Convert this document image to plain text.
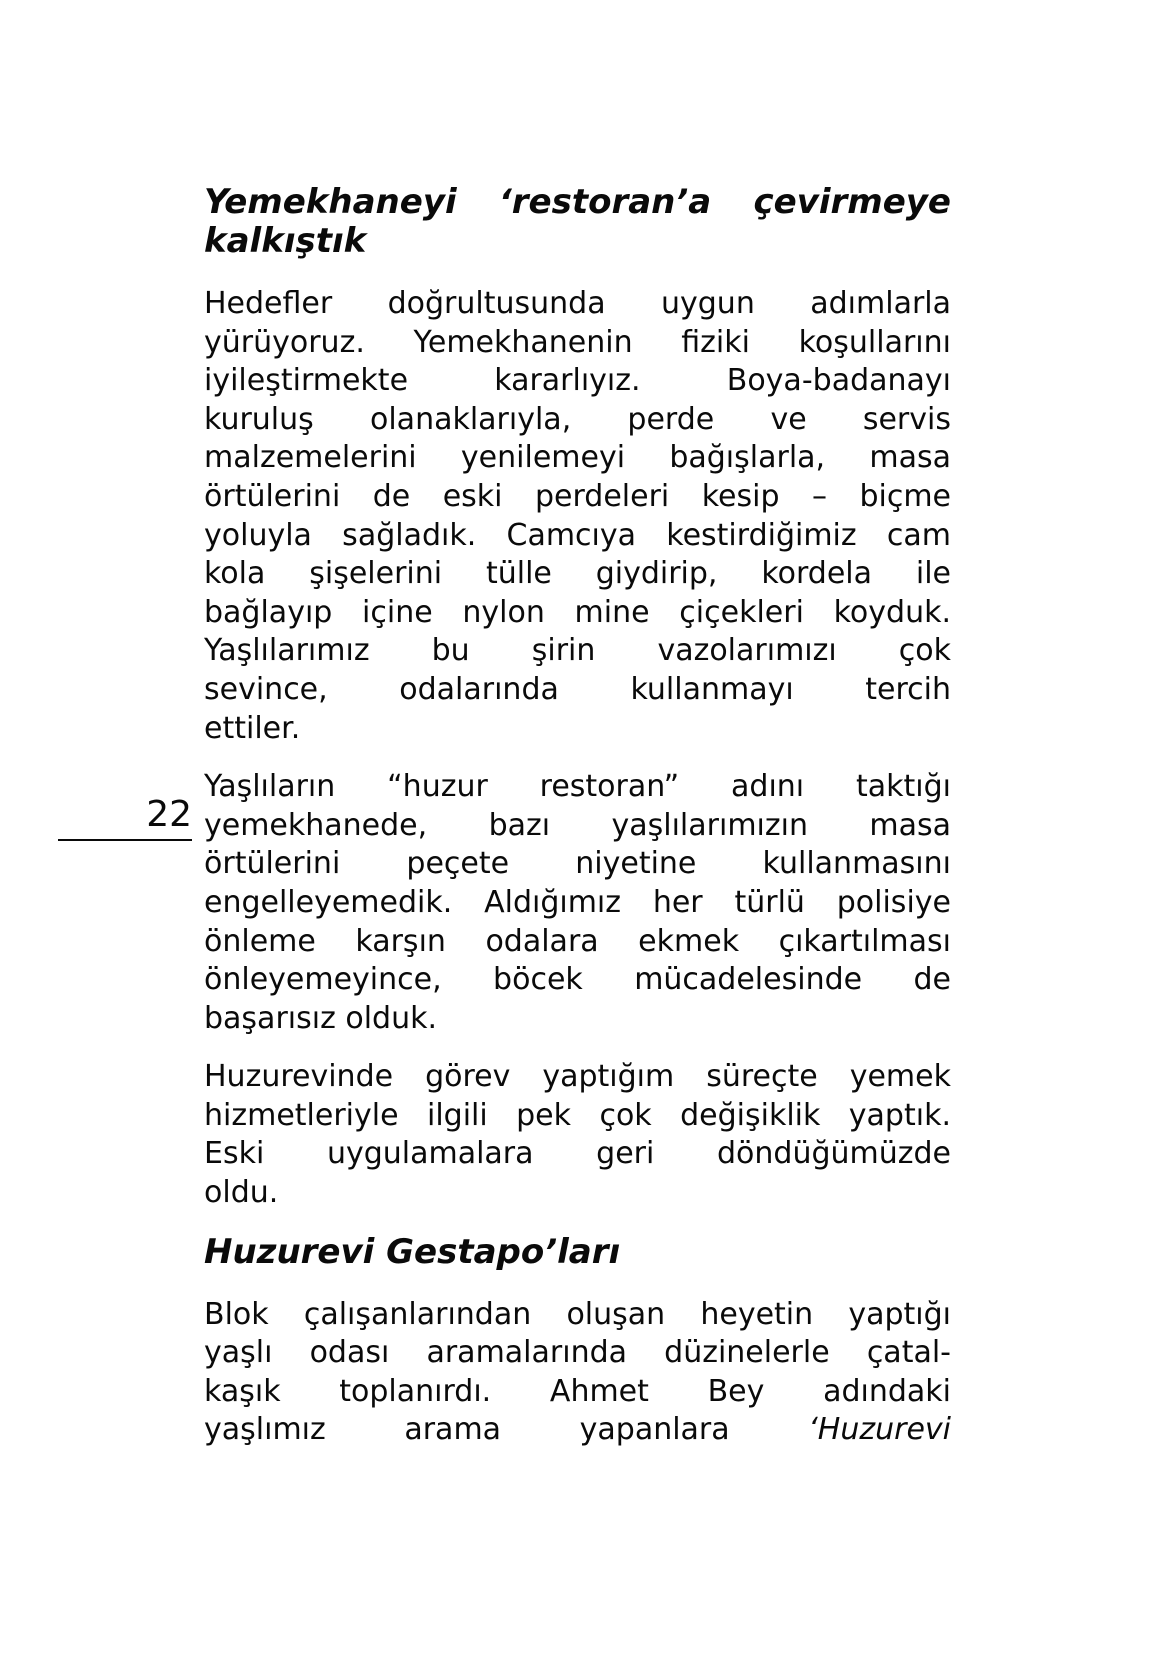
22
Yemekhaneyi ‘restoran’a çevirmeye
kalkıştık
Hedefler doğrultusunda uygun adımlarla
yürüyoruz. Yemekhanenin fiziki koşullarını
iyileştirmekte kararlıyız. Boya-badanayı
kuruluş olanaklarıyla, perde ve servis
malzemelerini yenilemeyi bağışlarla, masa
örtülerini de eski perdeleri kesip – biçme
yoluyla sağladık. Camcıya kestirdiğimiz cam
kola şişelerini tülle giydirip, kordela ile
bağlayıp içine nylon mine çiçekleri koyduk.
Yaşlılarımız bu şirin vazolarımızı çok
sevince, odalarında kullanmayı tercih
ettiler.
Yaşlıların “huzur restoran” adını taktığı
yemekhanede, bazı yaşlılarımızın masa
örtülerini peçete niyetine kullanmasını
engelleyemedik. Aldığımız her türlü polisiye
önleme karşın odalara ekmek çıkartılması
önleyemeyince, böcek mücadelesinde de
başarısız olduk.
Huzurevinde görev yaptığım süreçte yemek
hizmetleriyle ilgili pek çok değişiklik yaptık.
Eski uygulamalara geri döndüğümüzde
oldu.
Huzurevi Gestapo’ları
Blok çalışanlarından oluşan heyetin yaptığı
yaşlı odası aramalarında düzinelerle çatal-
kaşık toplanırdı. Ahmet Bey adındaki
yaşlımız arama yapanlara ‘Huzurevi
